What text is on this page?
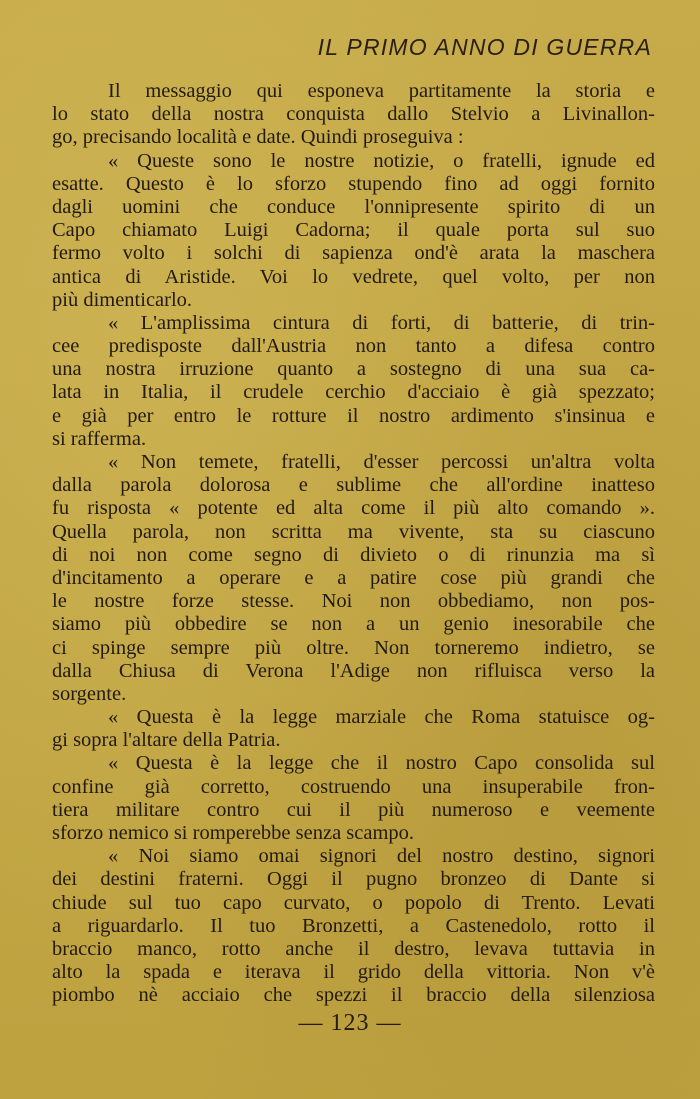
IL PRIMO ANNO DI GUERRA
Il messaggio qui esponeva partitamente la storia e
lo stato della nostra conquista dallo Stelvio a Livinallon-
go, precisando località e date. Quindi proseguiva :
« Queste sono le nostre notizie, o fratelli, ignude ed
esatte. Questo è lo sforzo stupendo fino ad oggi fornito
dagli uomini che conduce l'onnipresente spirito di un
Capo chiamato Luigi Cadorna; il quale porta sul suo
fermo volto i solchi di sapienza ond'è arata la maschera
antica di Aristide. Voi lo vedrete, quel volto, per non
più dimenticarlo.
« L'amplissima cintura di forti, di batterie, di trin-
cee predisposte dall'Austria non tanto a difesa contro
una nostra irruzione quanto a sostegno di una sua ca-
lata in Italia, il crudele cerchio d'acciaio è già spezzato;
e già per entro le rotture il nostro ardimento s'insinua e
si rafferma.
« Non temete, fratelli, d'esser percossi un'altra volta
dalla parola dolorosa e sublime che all'ordine inatteso
fu risposta « potente ed alta come il più alto comando ».
Quella parola, non scritta ma vivente, sta su ciascuno
di noi non come segno di divieto o di rinunzia ma sì
d'incitamento a operare e a patire cose più grandi che
le nostre forze stesse. Noi non obbediamo, non pos-
siamo più obbedire se non a un genio inesorabile che
ci spinge sempre più oltre. Non torneremo indietro, se
dalla Chiusa di Verona l'Adige non rifluisca verso la
sorgente.
« Questa è la legge marziale che Roma statuisce og-
gi sopra l'altare della Patria.
« Questa è la legge che il nostro Capo consolida sul
confine già corretto, costruendo una insuperabile fron-
tiera militare contro cui il più numeroso e veemente
sforzo nemico si romperebbe senza scampo.
« Noi siamo omai signori del nostro destino, signori
dei destini fraterni. Oggi il pugno bronzeo di Dante si
chiude sul tuo capo curvato, o popolo di Trento. Levati
a riguardarlo. Il tuo Bronzetti, a Castenedolo, rotto il
braccio manco, rotto anche il destro, levava tuttavia in
alto la spada e iterava il grido della vittoria. Non v'è
piombo nè acciaio che spezzi il braccio della silenziosa
— 123 —
